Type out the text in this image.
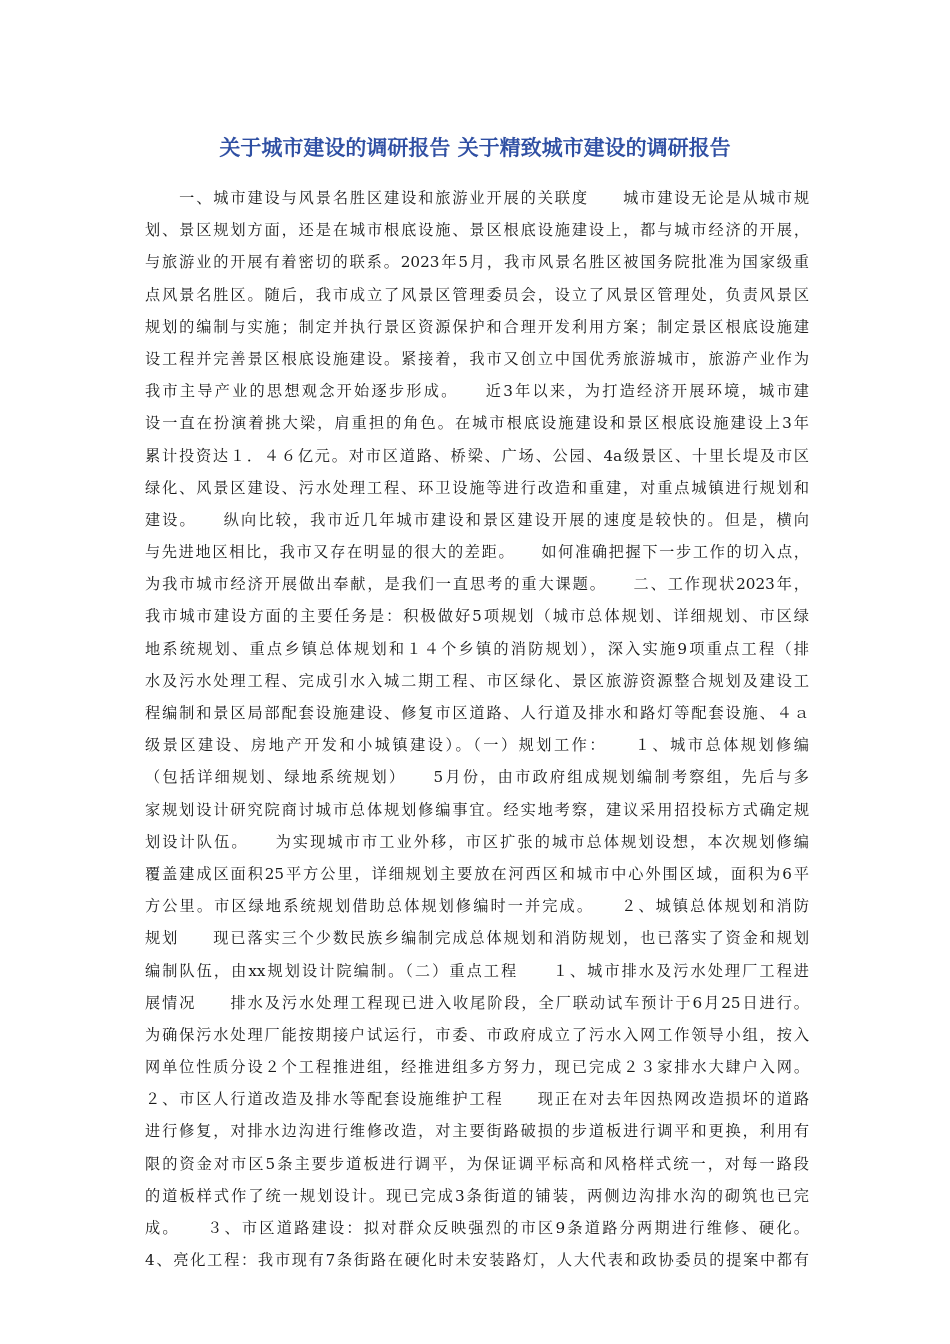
关于城市建设的调研报告 关于精致城市建设的调研报告
　　一、城市建设与风景名胜区建设和旅游业开展的关联度　　城市建设无论是从城市规
划、景区规划方面，还是在城市根底设施、景区根底设施建设上，都与城市经济的开展，
与旅游业的开展有着密切的联系。2023年5月，我市风景名胜区被国务院批准为国家级重
点风景名胜区。随后，我市成立了风景区管理委员会，设立了风景区管理处，负责风景区
规划的编制与实施；制定并执行景区资源保护和合理开发利用方案；制定景区根底设施建
设工程并完善景区根底设施建设。紧接着，我市又创立中国优秀旅游城市，旅游产业作为
我市主导产业的思想观念开始逐步形成。　　近3年以来，为打造经济开展环境，城市建
设一直在扮演着挑大梁，肩重担的角色。在城市根底设施建设和景区根底设施建设上3年
累计投资达１．４６亿元。对市区道路、桥梁、广场、公园、4a级景区、十里长堤及市区
绿化、风景区建设、污水处理工程、环卫设施等进行改造和重建，对重点城镇进行规划和
建设。　　纵向比较，我市近几年城市建设和景区建设开展的速度是较快的。但是，横向
与先进地区相比，我市又存在明显的很大的差距。　　如何准确把握下一步工作的切入点，
为我市城市经济开展做出奉献，是我们一直思考的重大课题。　　二、工作现状2023年，
我市城市建设方面的主要任务是：积极做好5项规划（城市总体规划、详细规划、市区绿
地系统规划、重点乡镇总体规划和１４个乡镇的消防规划），深入实施9项重点工程（排
水及污水处理工程、完成引水入城二期工程、市区绿化、景区旅游资源整合规划及建设工
程编制和景区局部配套设施建设、修复市区道路、人行道及排水和路灯等配套设施、４ａ
级景区建设、房地产开发和小城镇建设）。（一）规划工作：　　１、城市总体规划修编
（包括详细规划、绿地系统规划）　　5月份，由市政府组成规划编制考察组，先后与多
家规划设计研究院商讨城市总体规划修编事宜。经实地考察，建议采用招投标方式确定规
划设计队伍。　　为实现城市市工业外移，市区扩张的城市总体规划设想，本次规划修编
覆盖建成区面积25平方公里，详细规划主要放在河西区和城市中心外围区域，面积为6平
方公里。市区绿地系统规划借助总体规划修编时一并完成。　　２、城镇总体规划和消防
规划　　现已落实三个少数民族乡编制完成总体规划和消防规划，也已落实了资金和规划
编制队伍，由xx规划设计院编制。（二）重点工程　　１、城市排水及污水处理厂工程进
展情况　　排水及污水处理工程现已进入收尾阶段，全厂联动试车预计于6月25日进行。
为确保污水处理厂能按期接户试运行，市委、市政府成立了污水入网工作领导小组，按入
网单位性质分设２个工程推进组，经推进组多方努力，现已完成２３家排水大肆户入网。
２、市区人行道改造及排水等配套设施维护工程　　现正在对去年因热网改造损坏的道路
进行修复，对排水边沟进行维修改造，对主要街路破损的步道板进行调平和更换，利用有
限的资金对市区5条主要步道板进行调平，为保证调平标高和风格样式统一，对每一路段
的道板样式作了统一规划设计。现已完成3条街道的铺装，两侧边沟排水沟的砌筑也已完
成。　　３、市区道路建设：拟对群众反映强烈的市区9条道路分两期进行维修、硬化。
4、亮化工程：我市现有7条街路在硬化时未安装路灯，人大代表和政协委员的提案中都有
